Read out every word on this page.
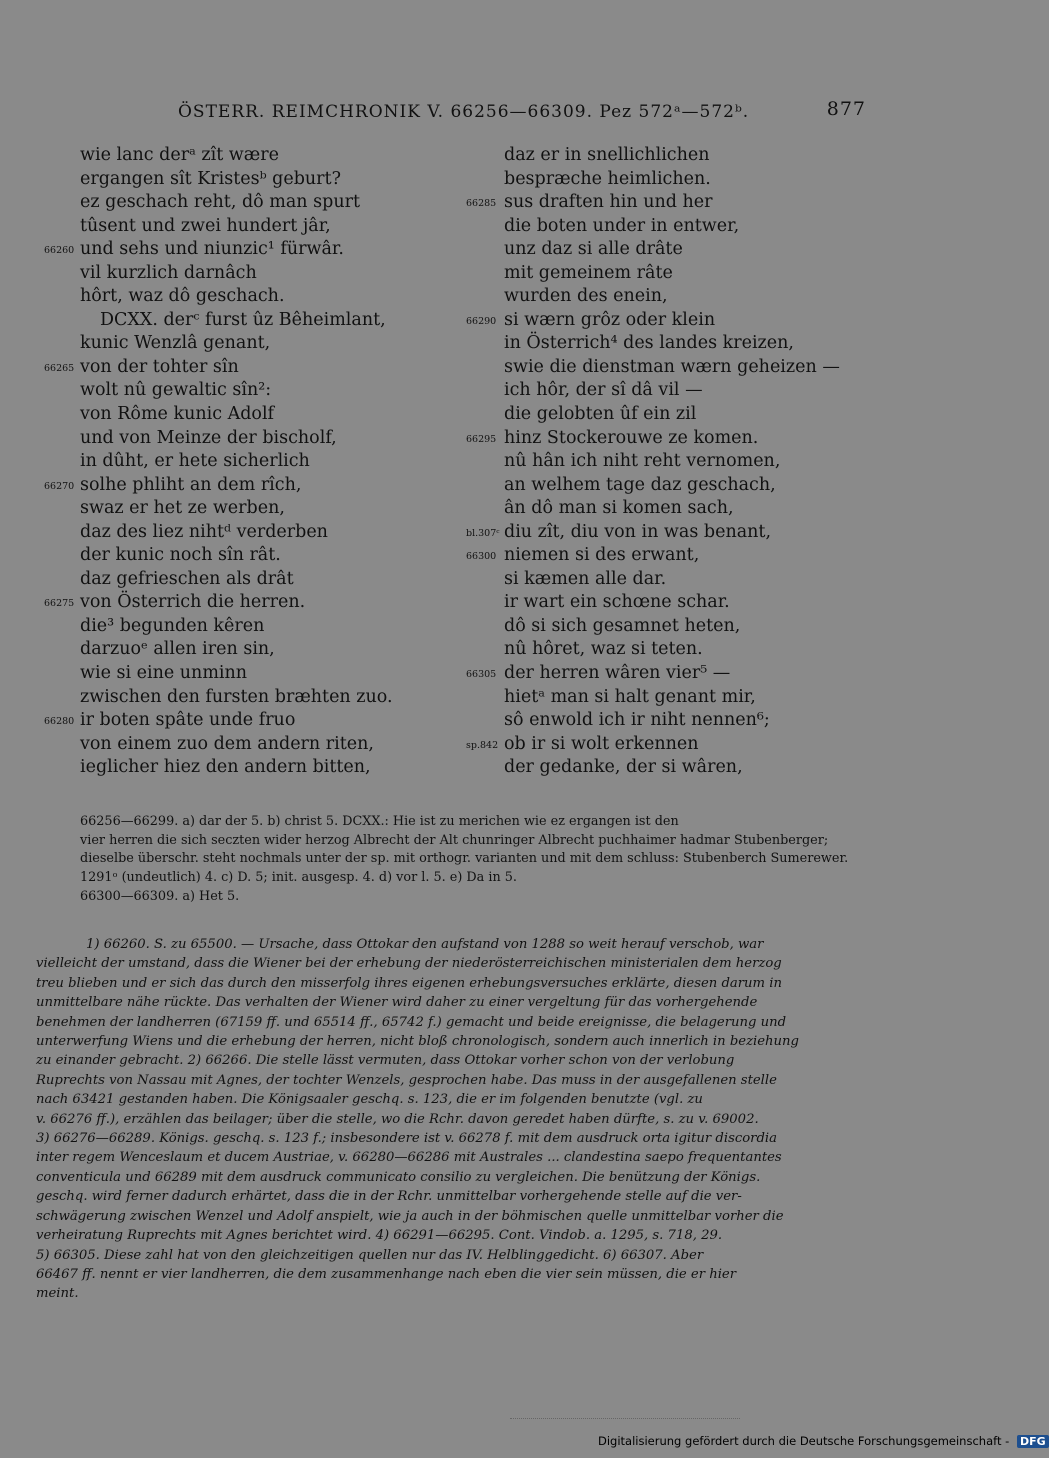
ÖSTERR. REIMCHRONIK V. 66256—66309. Pez 572ᵃ—572ᵇ.	877
wie lanc derᵃ zît wære
ergangen sît Kristesᵇ geburt?
ez geschach reht, dô man spurt
tûsent und zwei hundert jâr,
66260 und sehs und niunzic¹ fürwâr.
vil kurzlich darnâch
hôrt, waz dô geschach.
DCXX. derᶜ furst ûz Bêheimlant,
kunic Wenzlâ genant,
66265 von der tohter sîn
wolt nû gewaltic sîn²:
von Rôme kunic Adolf
und von Meinze der bischolf,
in dûht, er hete sicherlich
66270 solhe phliht an dem rîch,
swaz er het ze werben,
daz des liez nihtᵈ verderben
der kunic noch sîn rât.
daz gefrieschen als drât
66275 von Österrich die herren.
die³ begunden kêren
darzuoᵉ allen iren sin,
wie si eine unminn
zwischen den fursten bræhten zuo.
66280 ir boten spâte unde fruo
von einem zuo dem andern riten,
ieglicher hiez den andern bitten,
daz er in snellichlichen
bespræche heimlichen.
66285 sus draften hin und her
die boten under in entwer,
unz daz si alle drâte
mit gemeinem râte
wurden des enein,
66290 si wærn grôz oder klein
in Österrich⁴ des landes kreizen,
swie die dienstman wærn geheizen —
ich hôr, der sî dâ vil —
die gelobten ûf ein zil
66295 hinz Stockerouwe ze komen.
nû hân ich niht reht vernomen,
an welhem tage daz geschach,
ân dô man si komen sach,
bl.307ᶜ diu zît, diu von in was benant,
66300 niemen si des erwant,
si kæmen alle dar.
ir wart ein schœne schar.
dô si sich gesamnet heten,
nû hôret, waz si teten.
66305 der herren wâren vier⁵ —
hietᵃ man si halt genant mir,
sô enwold ich ir niht nennen⁶;
sp.842 ob ir si wolt erkennen
der gedanke, der si wâren,
66256—66299. a) dar der 5. b) christ 5. DCXX.: Hie ist zu merichen wie ez ergangen ist den
vier herren die sich seczten wider herzog Albrecht der Alt chunringer Albrecht puchhaimer hadmar Stubenberger;
dieselbe überschr. steht nochmals unter der sp. mit orthogr. varianten und mit dem schluss: Stubenberch Sumerewer.
1291ᵒ (undeutlich) 4. c) D. 5; init. ausgesp. 4. d) vor l. 5. e) Da in 5.
66300—66309. a) Het 5.
1) 66260. S. zu 65500. — Ursache, dass Ottokar den aufstand von 1288 so weit herauf verschob, war
vielleicht der umstand, dass die Wiener bei der erhebung der niederösterreichischen ministerialen dem herzog
treu blieben und er sich das durch den misserfolg ihres eigenen erhebungsversuches erklärte, diesen darum in
unmittelbare nähe rückte. Das verhalten der Wiener wird daher zu einer vergeltung für das vorhergehende
benehmen der landherren (67159 ff. und 65514 ff., 65742 f.) gemacht und beide ereignisse, die belagerung und
unterwerfung Wiens und die erhebung der herren, nicht bloß chronologisch, sondern auch innerlich in beziehung
zu einander gebracht. 2) 66266. Die stelle lässt vermuten, dass Ottokar vorher schon von der verlobung
Ruprechts von Nassau mit Agnes, der tochter Wenzels, gesprochen habe. Das muss in der ausgefallenen stelle
nach 63421 gestanden haben. Die Königsaaler geschq. s. 123, die er im folgenden benutzte (vgl. zu
v. 66276 ff.), erzählen das beilager; über die stelle, wo die Rchr. davon geredet haben dürfte, s. zu v. 69002.
3) 66276—66289. Königs. geschq. s. 123 f.; insbesondere ist v. 66278 f. mit dem ausdruck orta igitur discordia
inter regem Wenceslaum et ducem Austriae, v. 66280—66286 mit Australes ... clandestina saepo frequentantes
conventicula und 66289 mit dem ausdruck communicato consilio zu vergleichen. Die benützung der Königs.
geschq. wird ferner dadurch erhärtet, dass die in der Rchr. unmittelbar vorhergehende stelle auf die ver-
schwägerung zwischen Wenzel und Adolf anspielt, wie ja auch in der böhmischen quelle unmittelbar vorher die
verheiratung Ruprechts mit Agnes berichtet wird. 4) 66291—66295. Cont. Vindob. a. 1295, s. 718, 29.
5) 66305. Diese zahl hat von den gleichzeitigen quellen nur das IV. Helblinggedicht. 6) 66307. Aber
66467 ff. nennt er vier landherren, die dem zusammenhange nach eben die vier sein müssen, die er hier
meint.
Digitalisierung gefördert durch die Deutsche Forschungsgemeinschaft - DFG
